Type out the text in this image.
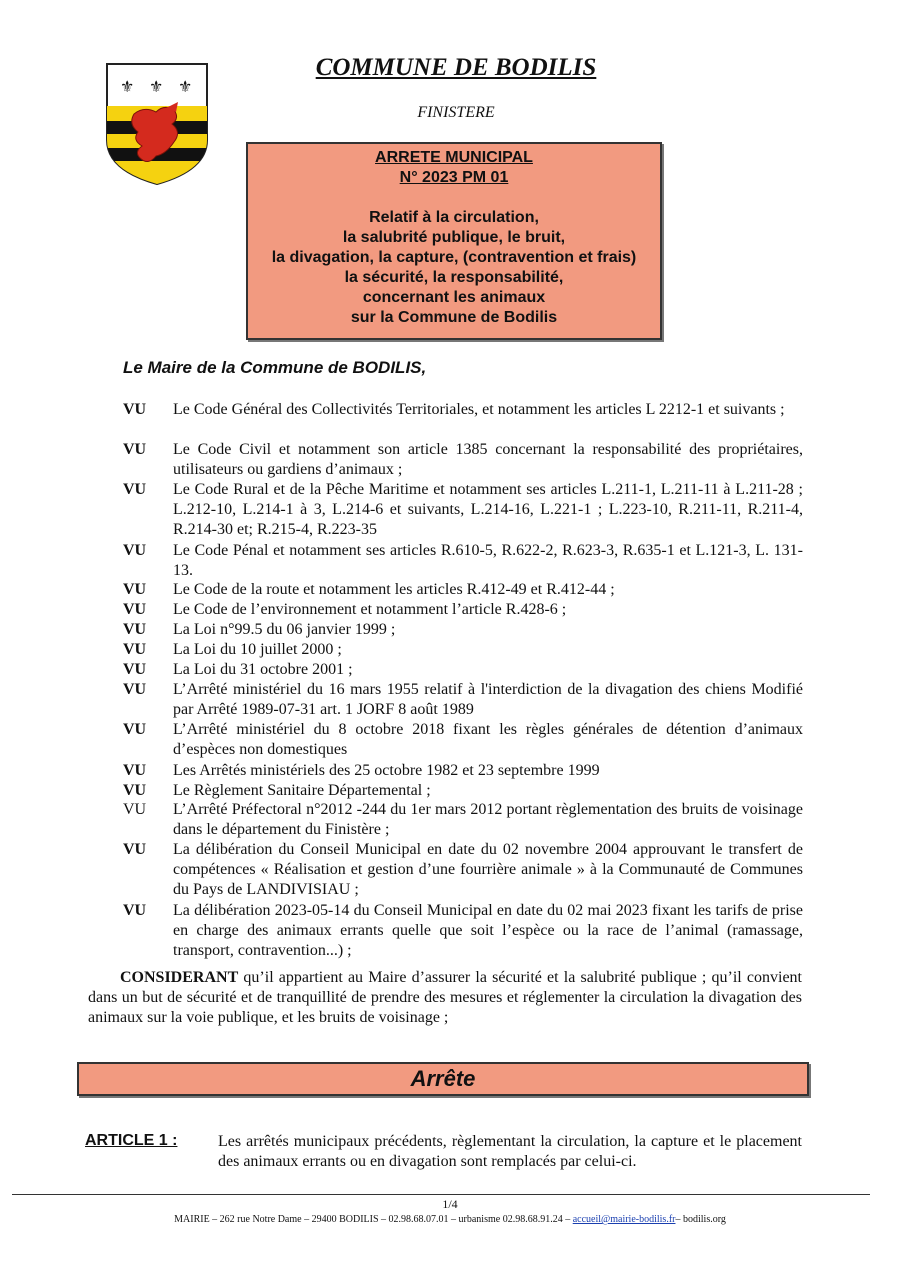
⚜ ⚜ ⚜
COMMUNE DE BODILIS
FINISTERE
ARRETE MUNICIPAL
N° 2023 PM 01
Relatif à la circulation,
la salubrité publique, le bruit,
la divagation, la capture, (contravention et frais)
la sécurité, la responsabilité,
concernant les animaux
sur la Commune de Bodilis
Le Maire de la Commune de BODILIS,
VU	Le Code Général des Collectivités Territoriales, et notamment les articles L 2212-1 et suivants ;
VU	Le Code Civil et notamment son article 1385 concernant la responsabilité des propriétaires, utilisateurs ou gardiens d’animaux ;
VU	Le Code Rural et de la Pêche Maritime et notamment ses articles L.211-1, L.211-11 à L.211-28 ; L.212-10, L.214-1 à 3, L.214-6 et suivants, L.214-16, L.221-1 ; L.223-10, R.211-11, R.211-4, R.214-30 et; R.215-4, R.223-35
VU	Le Code Pénal et notamment ses articles R.610-5, R.622-2, R.623-3, R.635-1 et L.121-3, L. 131-13.
VU	Le Code de la route et notamment les articles R.412-49 et R.412-44 ;
VU	Le Code de l’environnement et notamment l’article R.428-6 ;
VU	La Loi n°99.5 du 06 janvier 1999 ;
VU	La Loi du 10 juillet 2000 ;
VU	La Loi du 31 octobre 2001 ;
VU	L’Arrêté ministériel du 16 mars 1955 relatif à l'interdiction de la divagation des chiens Modifié par Arrêté 1989-07-31 art. 1 JORF 8 août 1989
VU	L’Arrêté ministériel du 8 octobre 2018 fixant les règles générales de détention d’animaux d’espèces non domestiques
VU	Les Arrêtés ministériels des 25 octobre 1982 et 23 septembre 1999
VU	Le Règlement Sanitaire Départemental ;
VU	L’Arrêté Préfectoral n°2012 -244 du 1er mars 2012 portant règlementation des bruits de voisinage dans le département du Finistère ;
VU	La délibération du Conseil Municipal en date du 02 novembre 2004 approuvant le transfert de compétences « Réalisation et gestion d’une fourrière animale » à la Communauté de Communes du Pays de LANDIVISIAU ;
VU	La délibération 2023-05-14 du Conseil Municipal en date du 02 mai 2023 fixant les tarifs de prise en charge des animaux errants quelle que soit l’espèce ou la race de l’animal (ramassage, transport, contravention...) ;
CONSIDERANT qu’il appartient au Maire d’assurer la sécurité et la salubrité publique ; qu’il convient dans un but de sécurité et de tranquillité de prendre des mesures et réglementer la circulation la divagation des animaux sur la voie publique, et les bruits de voisinage ;
Arrête
ARTICLE 1 :	Les arrêtés municipaux précédents, règlementant la circulation, la capture et le placement des animaux errants ou en divagation sont remplacés par celui-ci.
1/4
MAIRIE – 262 rue Notre Dame – 29400 BODILIS – 02.98.68.07.01 – urbanisme 02.98.68.91.24 – accueil@mairie-bodilis.fr– bodilis.org
